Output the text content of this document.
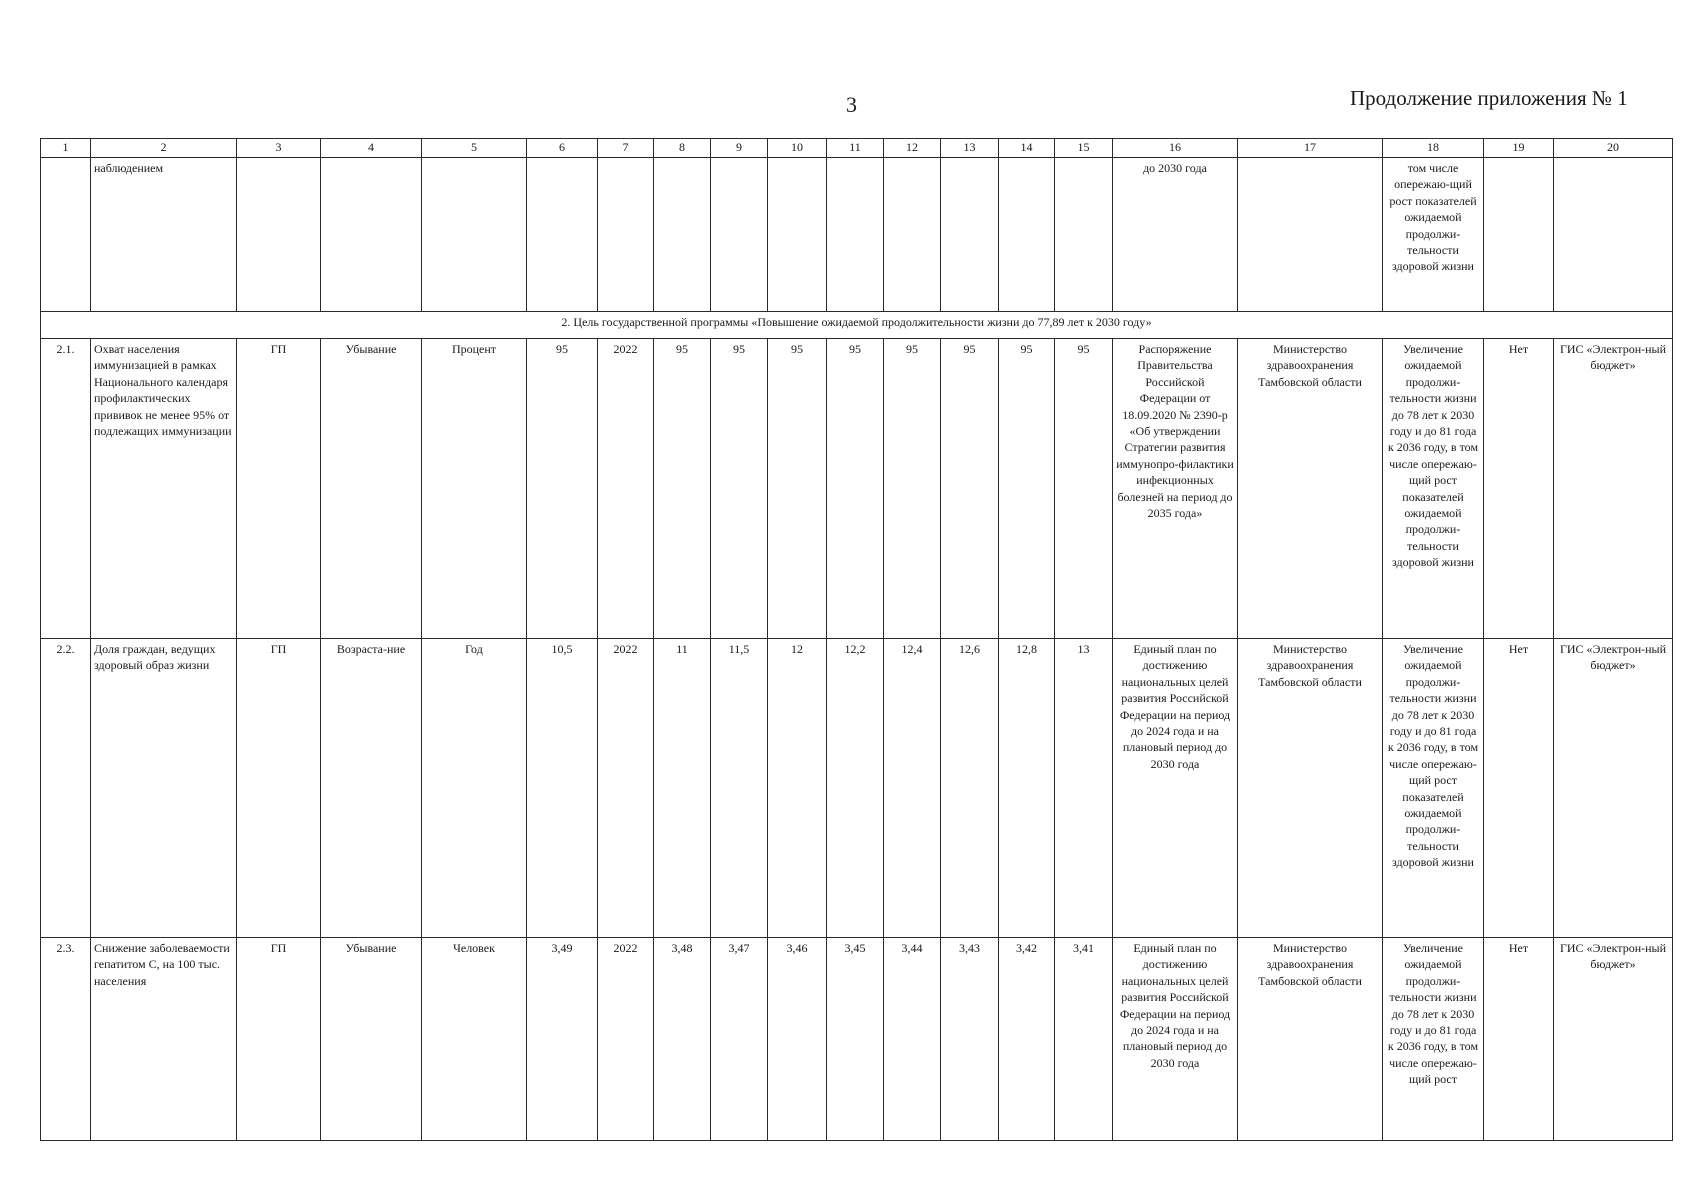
3	Продолжение приложения № 1
1	2	3	4	5	6	7	8	9	10	11	12	13	14	15	16	17	18	19	20
	наблюдением														до 2030 года		том числе опережаю-щий рост показателей ожидаемой продолжи-тельности здоровой жизни		
2. Цель государственной программы «Повышение ожидаемой продолжительности жизни до 77,89 лет к 2030 году»																			
2.1.	Охват населения иммунизацией в рамках Национального календаря профилактических прививок не менее 95% от подлежащих иммунизации	ГП	Убывание	Процент	95	2022	95	95	95	95	95	95	95	95	Распоряжение Правительства Российской Федерации от 18.09.2020 № 2390-р «Об утверждении Стратегии развития иммунопро-филактики инфекционных болезней на период до 2035 года»	Министерство здравоохранения Тамбовской области	Увеличение ожидаемой продолжи-тельности жизни до 78 лет к 2030 году и до 81 года к 2036 году, в том числе опережаю-щий рост показателей ожидаемой продолжи-тельности здоровой жизни	Нет	ГИС «Электрон-ный бюджет»
2.2.	Доля граждан, ведущих здоровый образ жизни	ГП	Возраста-ние	Год	10,5	2022	11	11,5	12	12,2	12,4	12,6	12,8	13	Единый план по достижению национальных целей развития Российской Федерации на период до 2024 года и на плановый период до 2030 года	Министерство здравоохранения Тамбовской области	Увеличение ожидаемой продолжи-тельности жизни до 78 лет к 2030 году и до 81 года к 2036 году, в том числе опережаю-щий рост показателей ожидаемой продолжи-тельности здоровой жизни	Нет	ГИС «Электрон-ный бюджет»
2.3.	Снижение заболеваемости гепатитом С, на 100 тыс. населения	ГП	Убывание	Человек	3,49	2022	3,48	3,47	3,46	3,45	3,44	3,43	3,42	3,41	Единый план по достижению национальных целей развития Российской Федерации на период до 2024 года и на плановый период до 2030 года	Министерство здравоохранения Тамбовской области	Увеличение ожидаемой продолжи-тельности жизни до 78 лет к 2030 году и до 81 года к 2036 году, в том числе опережаю-щий рост	Нет	ГИС «Электрон-ный бюджет»
